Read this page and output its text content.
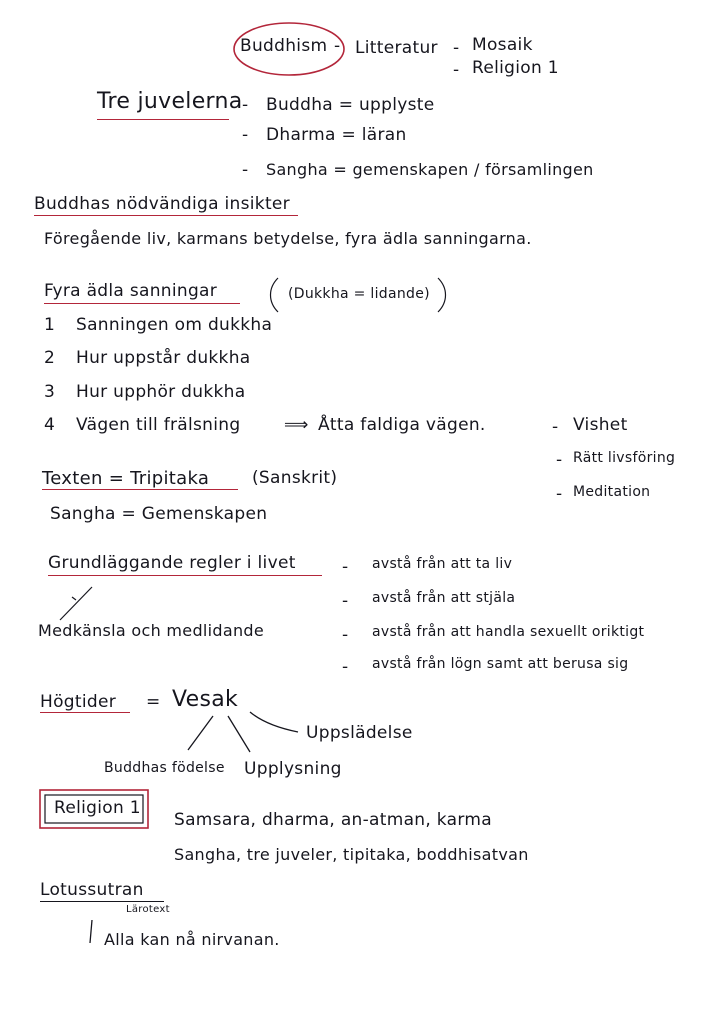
Buddhism - Litteratur - Mosaik
- Religion 1
Tre juvelerna - Buddha = upplyste
- Dharma = läran
- Sangha = gemenskapen / församlingen
Buddhas nödvändiga insikter
Föregående liv, karmans betydelse, fyra ädla sanningarna.
Fyra ädla sanningar	(Dukkha = lidande)
1 Sanningen om dukkha
2 Hur uppstår dukkha
3 Hur upphör dukkha
4 Vägen till frälsning	⟹ Åtta faldiga vägen.	- Vishet
- Rätt livsföring
- Meditation
Texten = Tripitaka	(Sanskrit)
Sangha = Gemenskapen
Grundläggande regler i livet	- avstå från att ta liv
- avstå från att stjäla
Medkänsla och medlidande	- avstå från att handla sexuellt oriktigt
- avstå från lögn samt att berusa sig
Högtider = Vesak
Uppslädelse
Buddhas födelse Upplysning
Religion 1
Samsara, dharma, an-atman, karma
Sangha, tre juveler, tipitaka, boddhisatvan
Lotussutran
Lärotext
Alla kan nå nirvanan.
